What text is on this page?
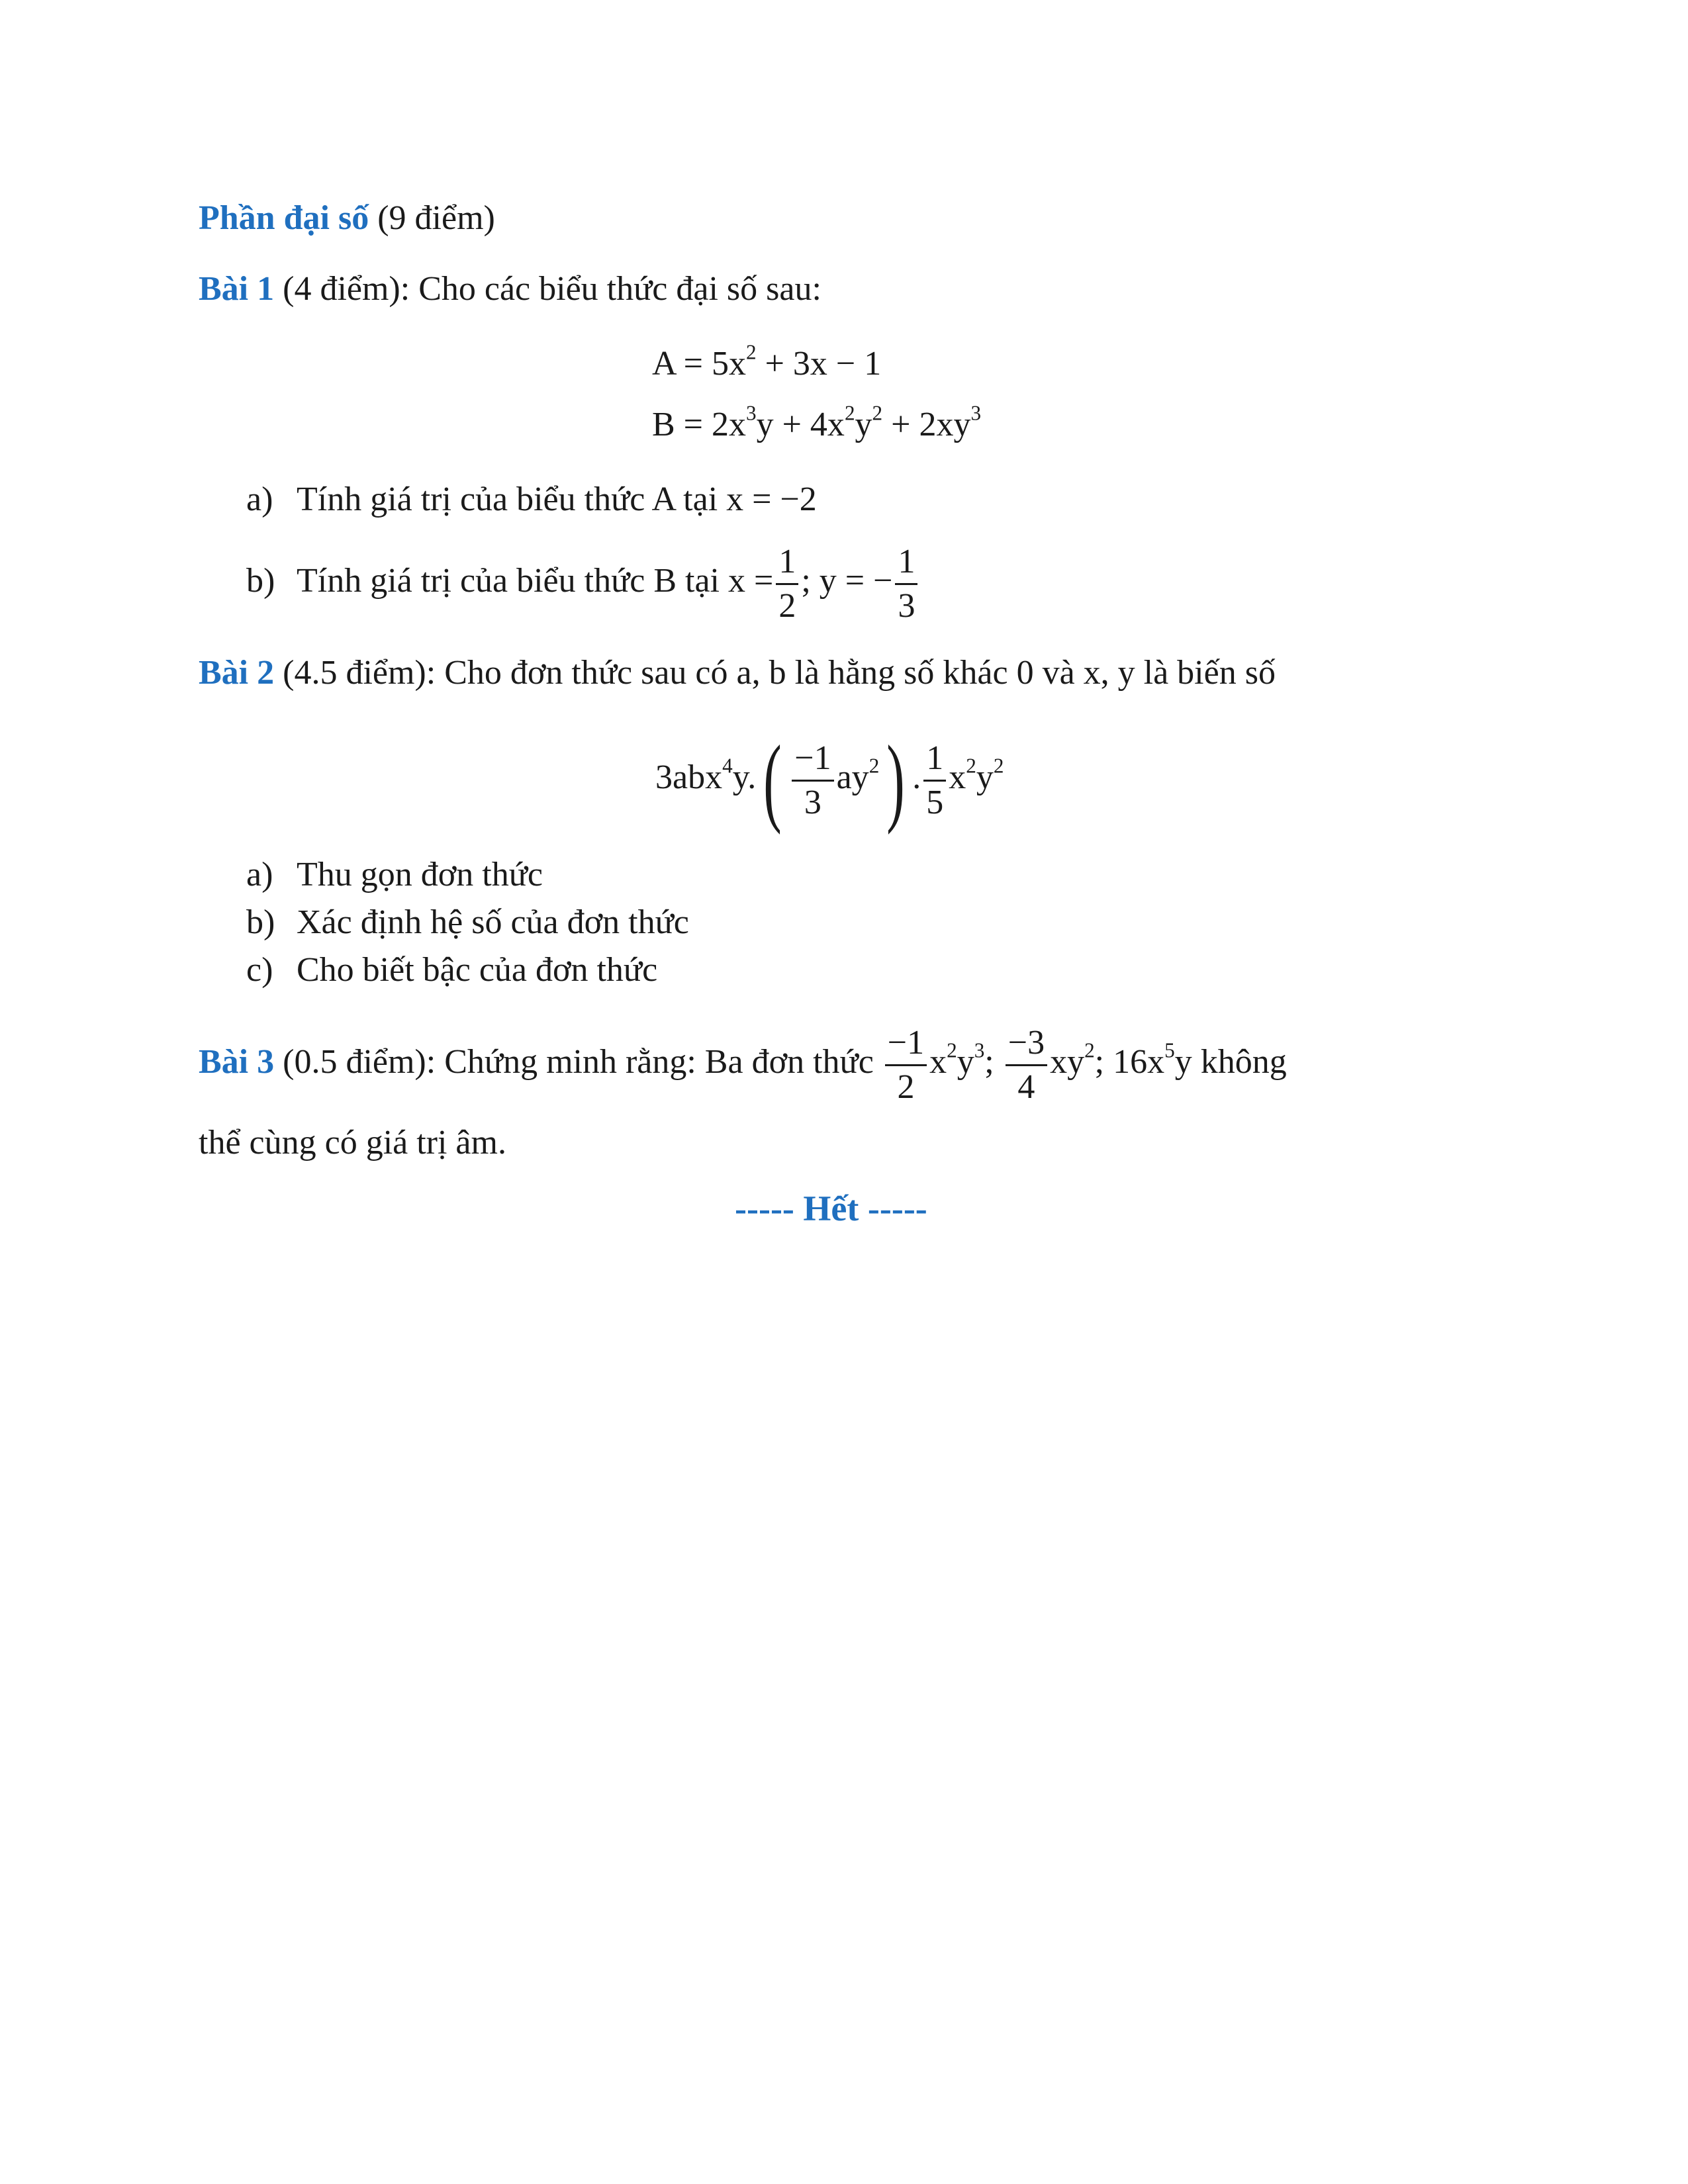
Phần đại số (9 điểm)
Bài 1 (4 điểm): Cho các biểu thức đại số sau:
$A = 5x^2 + 3x - 1$
$B = 2x^3y + 4x^2y^2 + 2xy^3$
a) Tính giá trị của biểu thức A tại x = −2
b) Tính giá trị của biểu thức B tại $x = \frac{1}{2}$ ; y = − $\frac{1}{3}$
Bài 2 (4.5 điểm): Cho đơn thức sau có a, b là hằng số khác 0 và x, y là biến số
$3abx^4y.( \frac{-1}{3} ay^2)$ . $\frac{1}{5} x^2y^2$
a) Thu gọn đơn thức
b) Xác định hệ số của đơn thức
c) Cho biết bậc của đơn thức
Bài 3 (0.5 điểm): Chứng minh rằng: Ba đơn thức $\frac{-1}{2} x^2y^3$; $\frac{-3}{4} xy^2$; $16x^5y$ không
thể cùng có giá trị âm.
----- Hết -----
